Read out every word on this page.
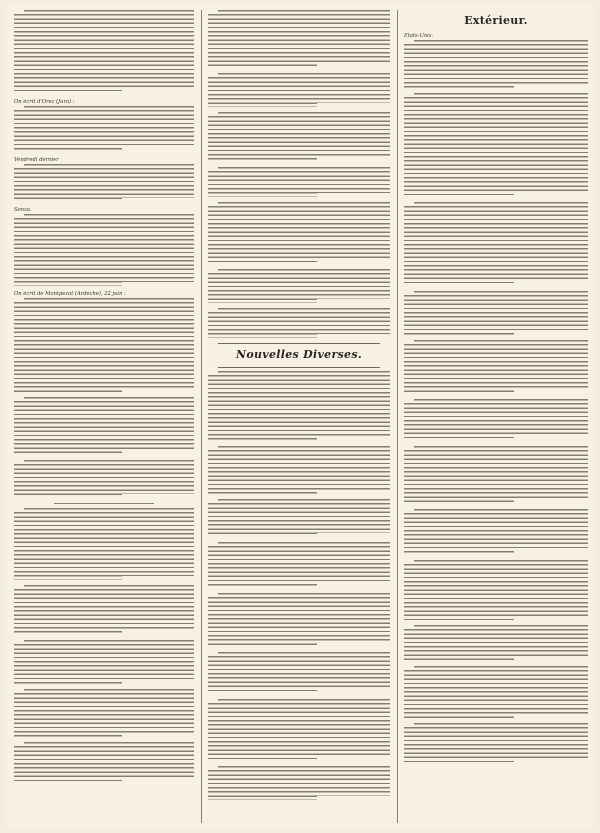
On écrit d'Orez (Jura) :
Vendredi dernier
Sonza.
On écrit de Montpezat (Ardèche), 22 juin :
Nouvelles Diverses.
Extérieur.
États-Unis.
